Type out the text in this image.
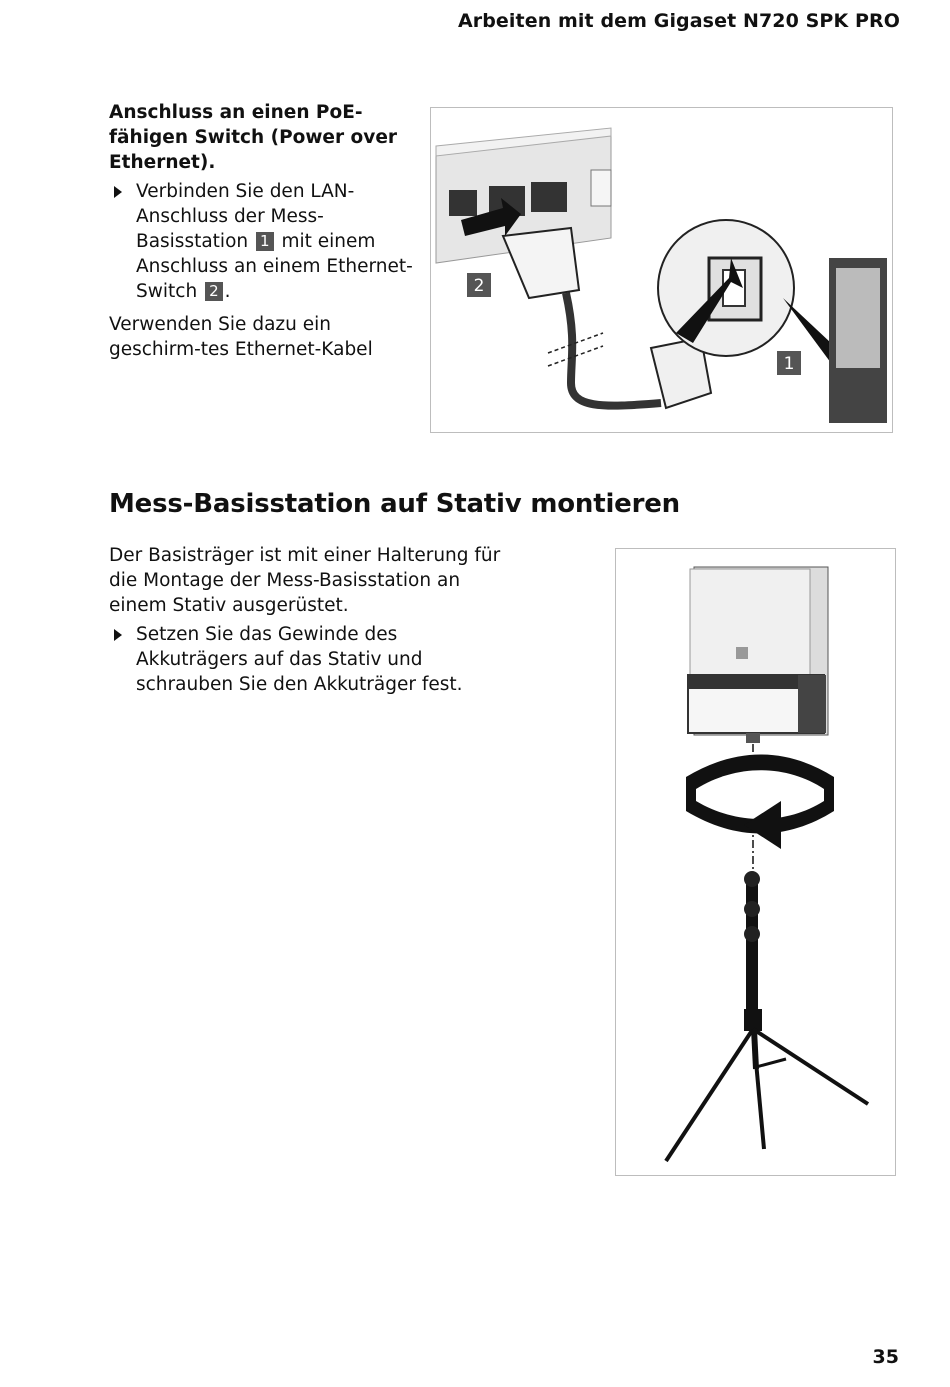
Arbeiten mit dem Gigaset N720 SPK PRO

Anschluss an einen PoE-fähigen Switch (Power over Ethernet).

Verbinden Sie den LAN-Anschluss der Mess-Basisstation 1 mit einem Anschluss an einem Ethernet-Switch 2 .

Verwenden Sie dazu ein geschirm-tes Ethernet-Kabel

2
1
Mess-Basisstation auf Stativ montieren

Der Basisträger ist mit einer Halterung für die Montage der Mess-Basisstation an einem Stativ ausgerüstet.

Setzen Sie das Gewinde des Akkuträgers auf das Stativ und schrauben Sie den Akkuträger fest.
35
